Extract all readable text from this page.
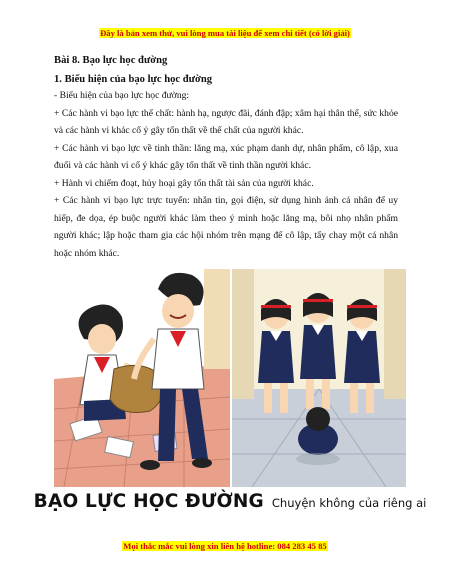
Đây là bản xem thử, vui lòng mua tài liệu để xem chi tiết (có lời giải)

Bài 8. Bạo lực học đường

1. Biểu hiện của bạo lực học đường

- Biểu hiện của bạo lực học đường:

+ Các hành vi bạo lực thể chất: hành hạ, ngược đãi, đánh đập; xâm hại thân thể, sức khỏe và các hành vi khác cố ý gây tổn thất về thể chất của người khác.

+ Các hành vi bạo lực về tinh thần: lăng mạ, xúc phạm danh dự, nhân phẩm, cô lập, xua đuổi và các hành vi cố ý khác gây tổn thất về tinh thần người khác.

+ Hành vi chiếm đoạt, hủy hoại gây tổn thất tài sản của người khác.

+ Các hành vi bạo lực trực tuyến: nhắn tin, gọi điện, sử dụng hình ảnh cá nhân để uy hiếp, đe dọa, ép buộc người khác làm theo ý mình hoặc lăng mạ, bôi nhọ nhân phẩm người khác; lập hoặc tham gia các hội nhóm trên mạng để cô lập, tẩy chay một cá nhân hoặc nhóm khác.

BẠO LỰC HỌC ĐƯỜNG Chuyện không của riêng ai
Mọi thắc mắc vui lòng xin liên hệ hotline: 084 283 45 85
